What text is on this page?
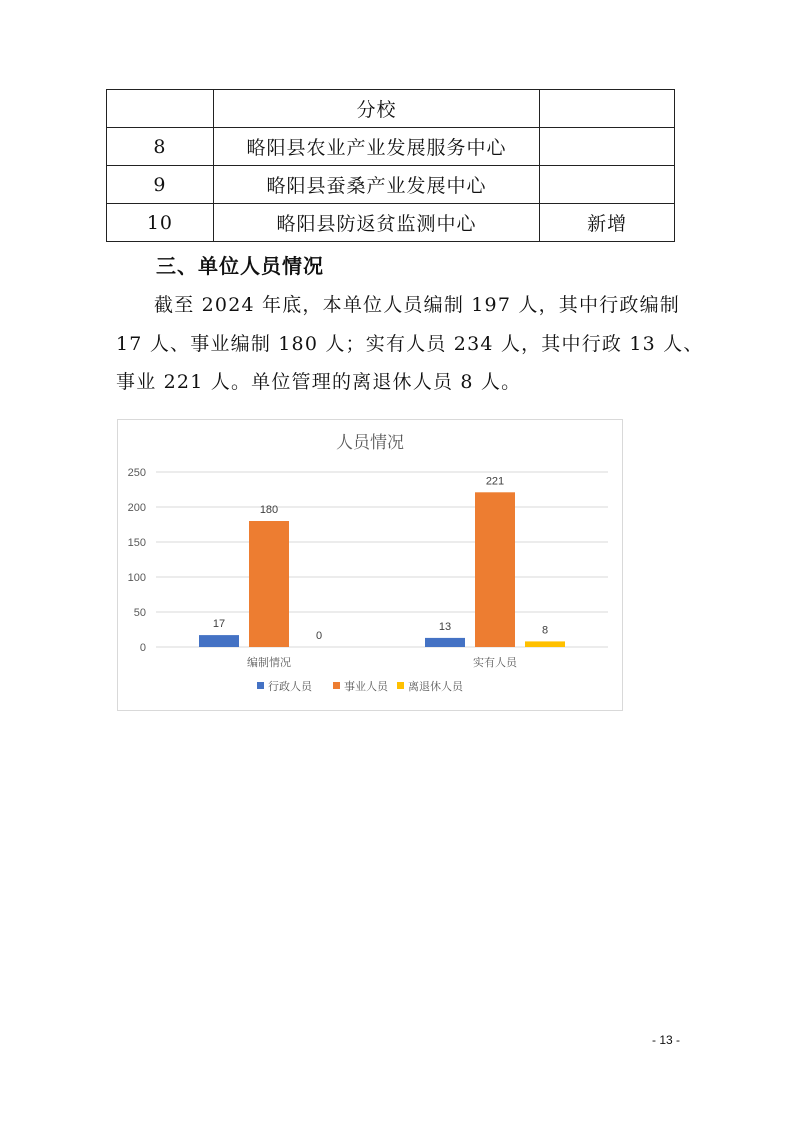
	分校	
8	略阳县农业产业发展服务中心	
9	略阳县蚕桑产业发展中心	
10	略阳县防返贫监测中心	新增
三、单位人员情况
截至 2024 年底，本单位人员编制 197 人，其中行政编制
17 人、事业编制 180 人；实有人员 234 人，其中行政 13 人、
事业 221 人。单位管理的离退休人员 8 人。
人员情况
0
50
100
150
200
250
编制情况
17
180
0
实有人员
13
221
8
行政人员	事业人员 离退休人员
- 13 -
